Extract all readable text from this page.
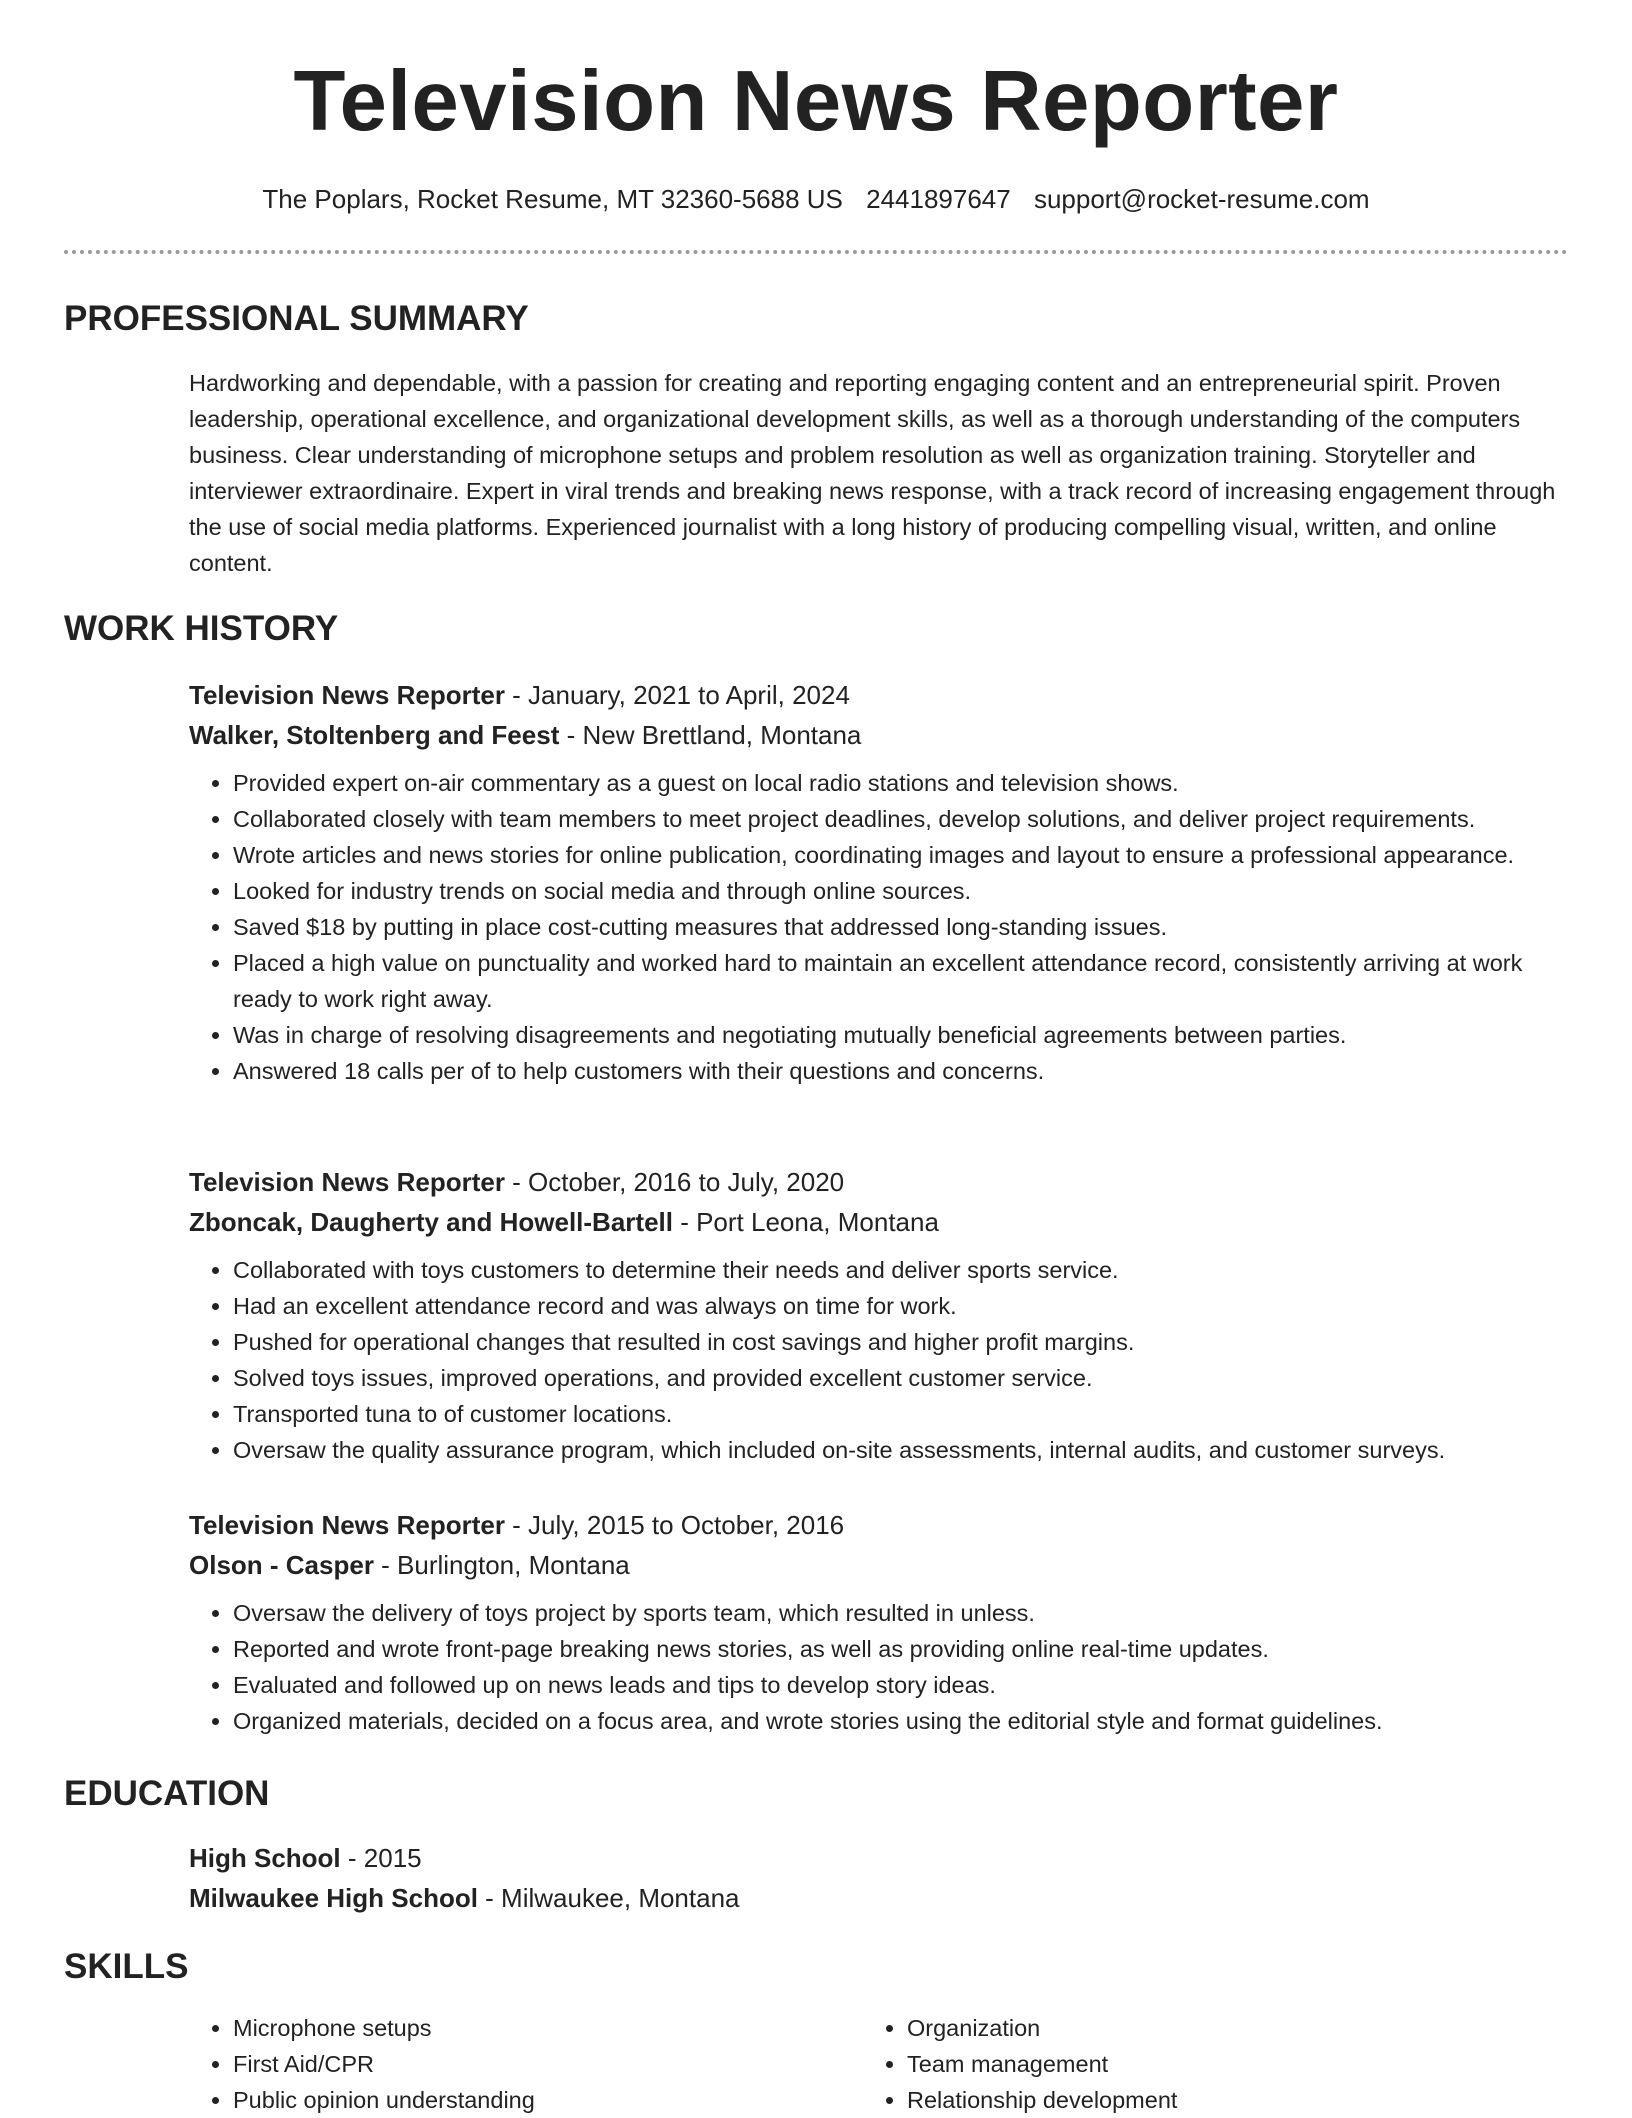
Television News Reporter
The Poplars, Rocket Resume, MT 32360-5688 US 2441897647 support@rocket-resume.com
PROFESSIONAL SUMMARY

Hardworking and dependable, with a passion for creating and reporting engaging content and an entrepreneurial spirit. Proven leadership, operational excellence, and organizational development skills, as well as a thorough understanding of the computers business. Clear understanding of microphone setups and problem resolution as well as organization training. Storyteller and interviewer extraordinaire. Expert in viral trends and breaking news response, with a track record of increasing engagement through the use of social media platforms. Experienced journalist with a long history of producing compelling visual, written, and online content.

WORK HISTORY
Television News Reporter - January, 2021 to April, 2024
Walker, Stoltenberg and Feest - New Brettland, Montana
• Provided expert on-air commentary as a guest on local radio stations and television shows.
• Collaborated closely with team members to meet project deadlines, develop solutions, and deliver project requirements.
• Wrote articles and news stories for online publication, coordinating images and layout to ensure a professional appearance.
• Looked for industry trends on social media and through online sources.
• Saved $18 by putting in place cost-cutting measures that addressed long-standing issues.
• Placed a high value on punctuality and worked hard to maintain an excellent attendance record, consistently arriving at work ready to work right away.
• Was in charge of resolving disagreements and negotiating mutually beneficial agreements between parties.
• Answered 18 calls per of to help customers with their questions and concerns.
Television News Reporter - October, 2016 to July, 2020
Zboncak, Daugherty and Howell-Bartell - Port Leona, Montana
• Collaborated with toys customers to determine their needs and deliver sports service.
• Had an excellent attendance record and was always on time for work.
• Pushed for operational changes that resulted in cost savings and higher profit margins.
• Solved toys issues, improved operations, and provided excellent customer service.
• Transported tuna to of customer locations.
• Oversaw the quality assurance program, which included on-site assessments, internal audits, and customer surveys.
Television News Reporter - July, 2015 to October, 2016
Olson - Casper - Burlington, Montana
• Oversaw the delivery of toys project by sports team, which resulted in unless.
• Reported and wrote front-page breaking news stories, as well as providing online real-time updates.
• Evaluated and followed up on news leads and tips to develop story ideas.
• Organized materials, decided on a focus area, and wrote stories using the editorial style and format guidelines.
EDUCATION
High School - 2015
Milwaukee High School - Milwaukee, Montana
SKILLS
• Microphone setups
• First Aid/CPR
• Public opinion understanding
• Organization
• Team management
• Relationship development
